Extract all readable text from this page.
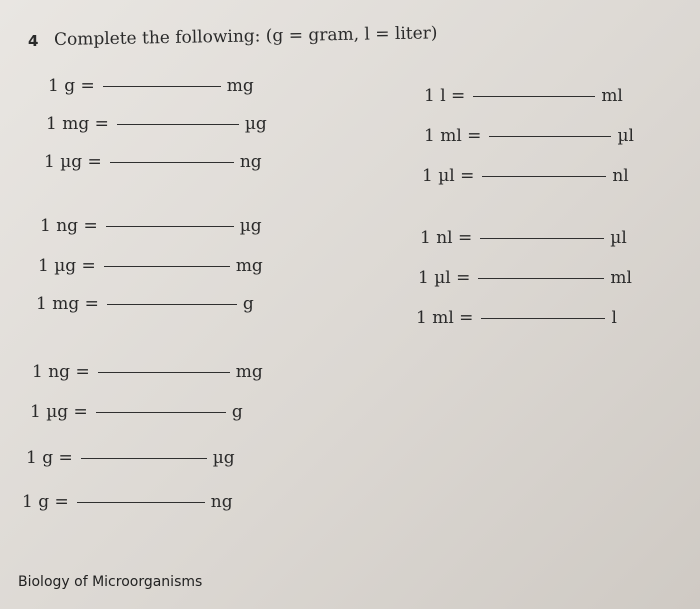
4 Complete the following: (g = gram, l = liter)
1 g =	mg
1 mg =	µg
1 µg =	ng
1 ng =	µg
1 µg =	mg
1 mg =	g
1 ng =	mg
1 µg =	g
1 g =	µg
1 g =	ng
1 l =	ml
1 ml =	µl
1 µl =	nl
1 nl =	µl
1 µl =	ml
1 ml =	l
Biology of Microorganisms
